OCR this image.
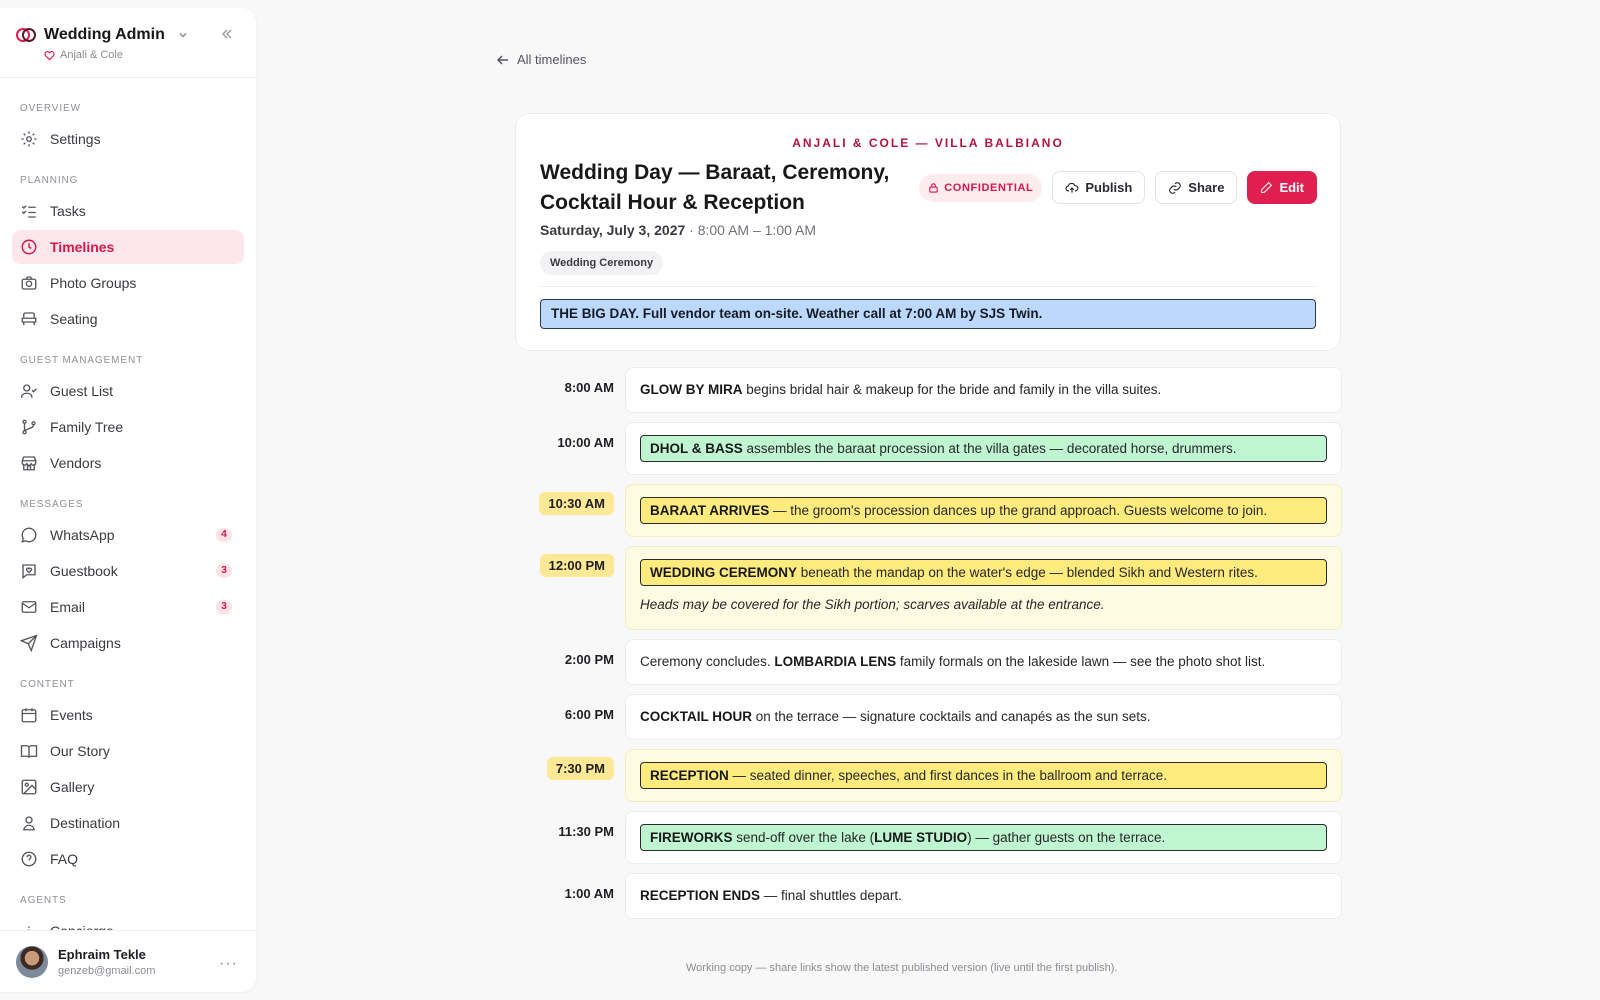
Wedding Admin
Anjali & Cole
OVERVIEW
Settings
PLANNING
Tasks
Timelines
Photo Groups
Seating
GUEST MANAGEMENT
Guest List
Family Tree
Vendors
MESSAGES
WhatsApp	4
Guestbook	3
Email	3
Campaigns
CONTENT
Events
Our Story
Gallery
Destination
FAQ
AGENTS
Ephraim Tekle
genzeb@gmail.com	···
All timelines
ANJALI & COLE — VILLA BALBIANO
Wedding Day — Baraat, Ceremony, Cocktail Hour & Reception
Saturday, July 3, 2027 · 8:00 AM – 1:00 AM
Wedding Ceremony
CONFIDENTIAL	Publish	Share	Edit
THE BIG DAY. Full vendor team on-site. Weather call at 7:00 AM by SJS Twin.
8:00 AM	GLOW BY MIRA begins bridal hair & makeup for the bride and family in the villa suites.
10:00 AM	DHOL & BASS assembles the baraat procession at the villa gates — decorated horse, drummers.
10:30 AM	BARAAT ARRIVES — the groom's procession dances up the grand approach. Guests welcome to join.
12:00 PM	WEDDING CEREMONY beneath the mandap on the water's edge — blended Sikh and Western rites.
Heads may be covered for the Sikh portion; scarves available at the entrance.
2:00 PM	Ceremony concludes. LOMBARDIA LENS family formals on the lakeside lawn — see the photo shot list.
6:00 PM	COCKTAIL HOUR on the terrace — signature cocktails and canapés as the sun sets.
7:30 PM	RECEPTION — seated dinner, speeches, and first dances in the ballroom and terrace.
11:30 PM	FIREWORKS send-off over the lake (LUME STUDIO) — gather guests on the terrace.
1:00 AM	RECEPTION ENDS — final shuttles depart.
Working copy — share links show the latest published version (live until the first publish).
